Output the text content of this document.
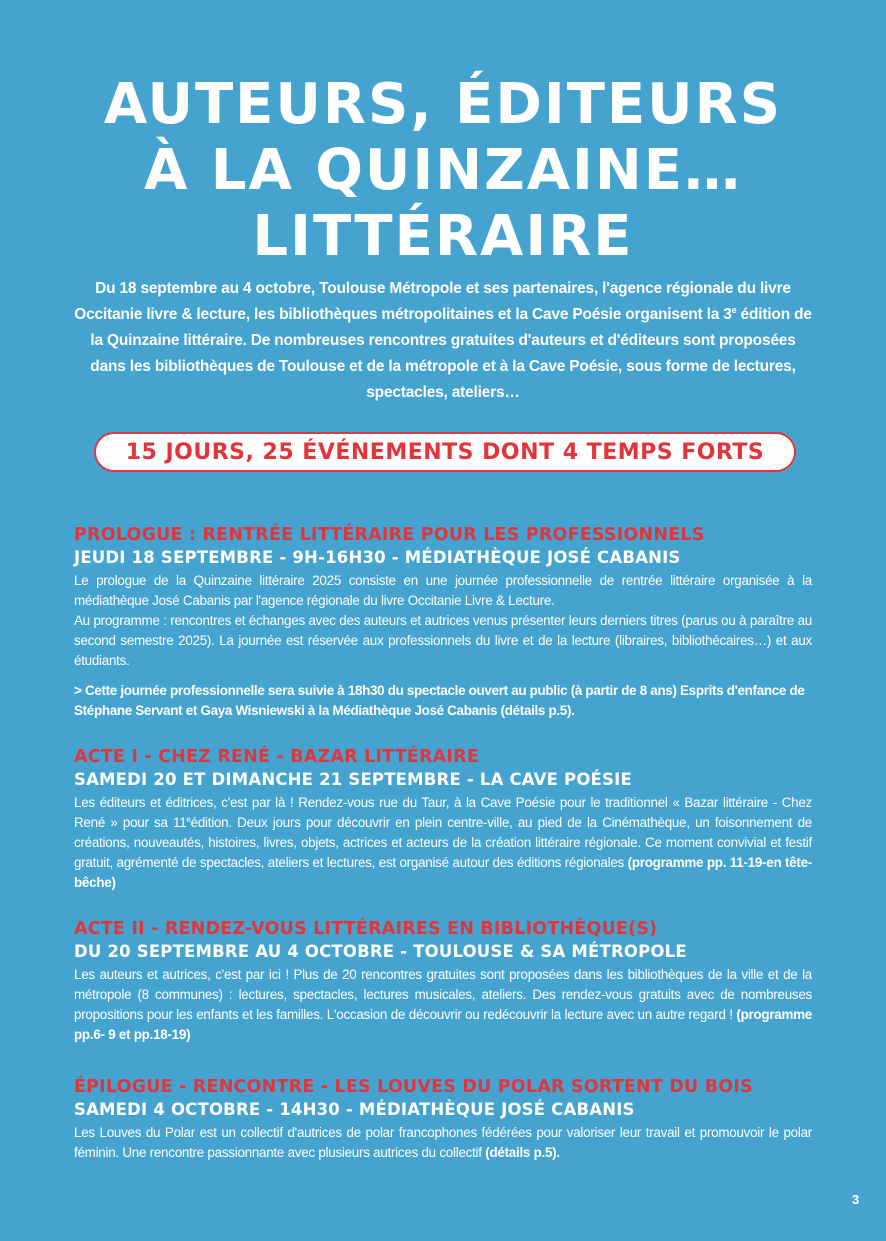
AUTEURS, ÉDITEURS
À LA QUINZAINE…
LITTÉRAIRE
Du 18 septembre au 4 octobre, Toulouse Métropole et ses partenaires, l'agence régionale du livre Occitanie livre & lecture, les bibliothèques métropolitaines et la Cave Poésie organisent la 3e édition de la Quinzaine littéraire. De nombreuses rencontres gratuites d'auteurs et d'éditeurs sont proposées dans les bibliothèques de Toulouse et de la métropole et à la Cave Poésie, sous forme de lectures, spectacles, ateliers…
15 JOURS, 25 ÉVÉNEMENTS DONT 4 TEMPS FORTS
PROLOGUE : RENTRÉE LITTÉRAIRE POUR LES PROFESSIONNELS
JEUDI 18 SEPTEMBRE - 9H-16H30 - MÉDIATHÈQUE JOSÉ CABANIS

Le prologue de la Quinzaine littéraire 2025 consiste en une journée professionnelle de rentrée littéraire organisée à la médiathèque José Cabanis par l'agence régionale du livre Occitanie Livre & Lecture.

Au programme : rencontres et échanges avec des auteurs et autrices venus présenter leurs derniers titres (parus ou à paraître au second semestre 2025). La journée est réservée aux professionnels du livre et de la lecture (libraires, bibliothécaires…) et aux étudiants.

> Cette journée professionnelle sera suivie à 18h30 du spectacle ouvert au public (à partir de 8 ans) Esprits d'enfance de Stéphane Servant et Gaya Wisniewski à la Médiathèque José Cabanis (détails p.5).
ACTE I - CHEZ RENÉ - BAZAR LITTÉRAIRE
SAMEDI 20 ET DIMANCHE 21 SEPTEMBRE - LA CAVE POÉSIE
Les éditeurs et éditrices, c'est par là ! Rendez-vous rue du Taur, à la Cave Poésie pour le traditionnel « Bazar littéraire - Chez René » pour sa 11eédition. Deux jours pour découvrir en plein centre-ville, au pied de la Cinémathèque, un foisonnement de créations, nouveautés, histoires, livres, objets, actrices et acteurs de la création littéraire régionale. Ce moment convivial et festif gratuit, agrémenté de spectacles, ateliers et lectures, est organisé autour des éditions régionales (programme pp. 11-19-en tête-bêche)
ACTE II - RENDEZ-VOUS LITTÉRAIRES EN BIBLIOTHÈQUE(S)
DU 20 SEPTEMBRE AU 4 OCTOBRE - TOULOUSE & SA MÉTROPOLE
Les auteurs et autrices, c'est par ici ! Plus de 20 rencontres gratuites sont proposées dans les bibliothèques de la ville et de la métropole (8 communes) : lectures, spectacles, lectures musicales, ateliers. Des rendez-vous gratuits avec de nombreuses propositions pour les enfants et les familles. L'occasion de découvrir ou redécouvrir la lecture avec un autre regard ! (programme pp.6- 9 et pp.18-19)
ÉPILOGUE - RENCONTRE - LES LOUVES DU POLAR SORTENT DU BOIS
SAMEDI 4 OCTOBRE - 14H30 - MÉDIATHÈQUE JOSÉ CABANIS
Les Louves du Polar est un collectif d'autrices de polar francophones fédérées pour valoriser leur travail et promouvoir le polar féminin. Une rencontre passionnante avec plusieurs autrices du collectif (détails p.5).
3
